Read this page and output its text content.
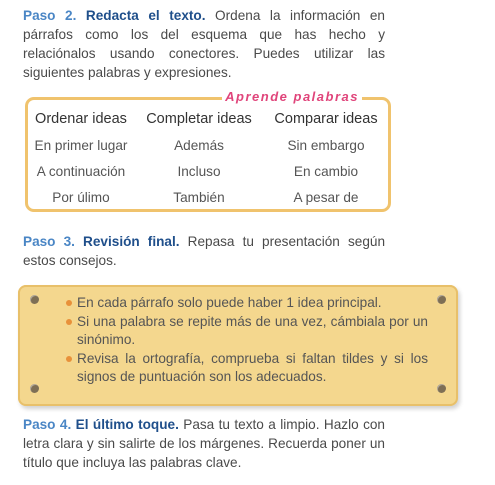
Paso 2. Redacta el texto. Ordena la información en párrafos como los del esquema que has hecho y relaciónalos usando conectores. Puedes utilizar las siguientes palabras y expresiones.
Aprende palabras
Ordenar ideas	Completar ideas	Comparar ideas
En primer lugar	Además	Sin embargo
A continuación	Incluso	En cambio
Por úlimo	También	A pesar de
Paso 3. Revisión final. Repasa tu presentación según estos consejos.
En cada párrafo solo puede haber 1 idea principal.
Si una palabra se repite más de una vez, cámbiala por un sinónimo.
Revisa la ortografía, comprueba si faltan tildes y si los signos de puntuación son los adecuados.
Paso 4. El último toque. Pasa tu texto a limpio. Hazlo con letra clara y sin salirte de los márgenes. Recuerda poner un título que incluya las palabras clave.
